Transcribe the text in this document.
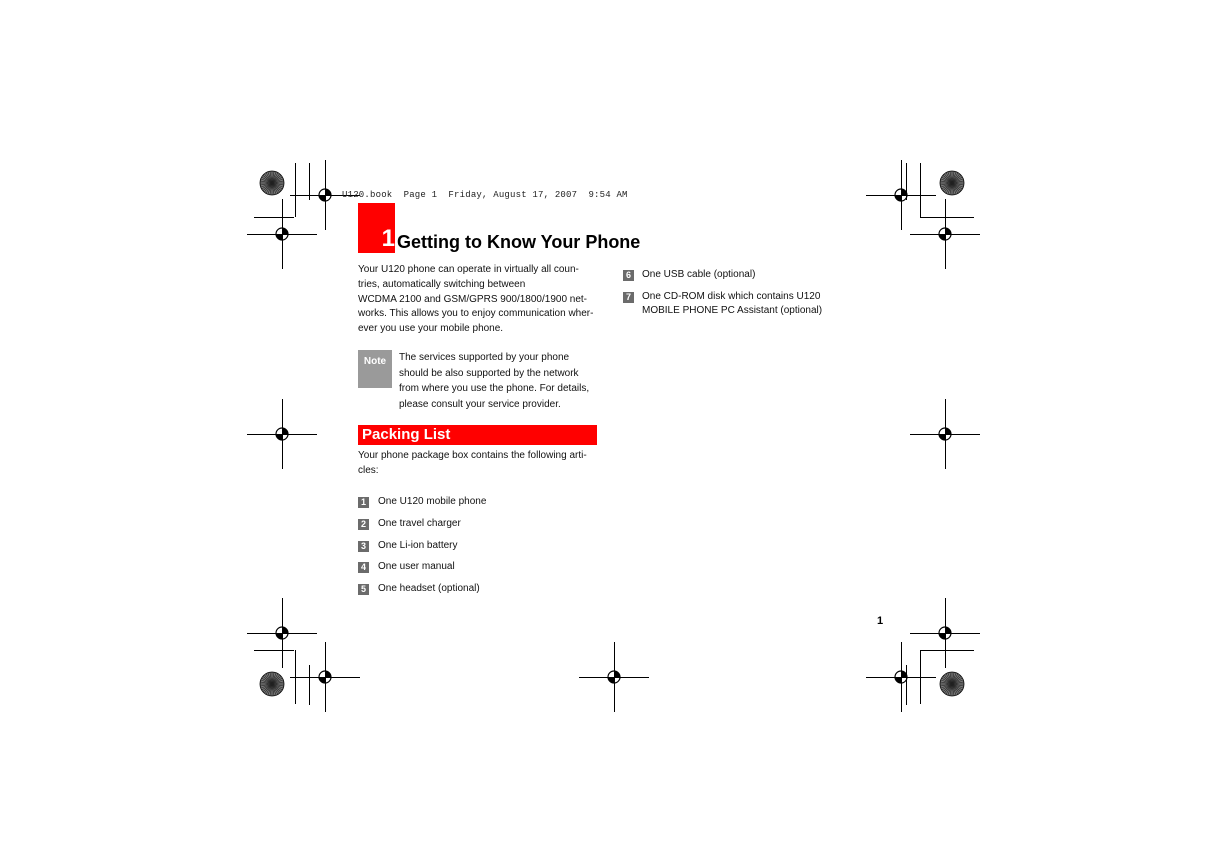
U120.book  Page 1  Friday, August 17, 2007  9:54 AM
1 Getting to Know Your Phone
Your U120 phone can operate in virtually all coun-
tries, automatically switching between
WCDMA 2100 and GSM/GPRS 900/1800/1900 net-
works. This allows you to enjoy communication wher-
ever you use your mobile phone.
Note	The services supported by your phone
should be also supported by the network
from where you use the phone. For details,
please consult your service provider.
Packing List
Your phone package box contains the following arti-
cles:
1	One U120 mobile phone
2	One travel charger
3	One Li-ion battery
4	One user manual
5	One headset (optional)
6	One USB cable (optional)
7	One CD-ROM disk which contains U120
MOBILE PHONE PC Assistant (optional)
1
